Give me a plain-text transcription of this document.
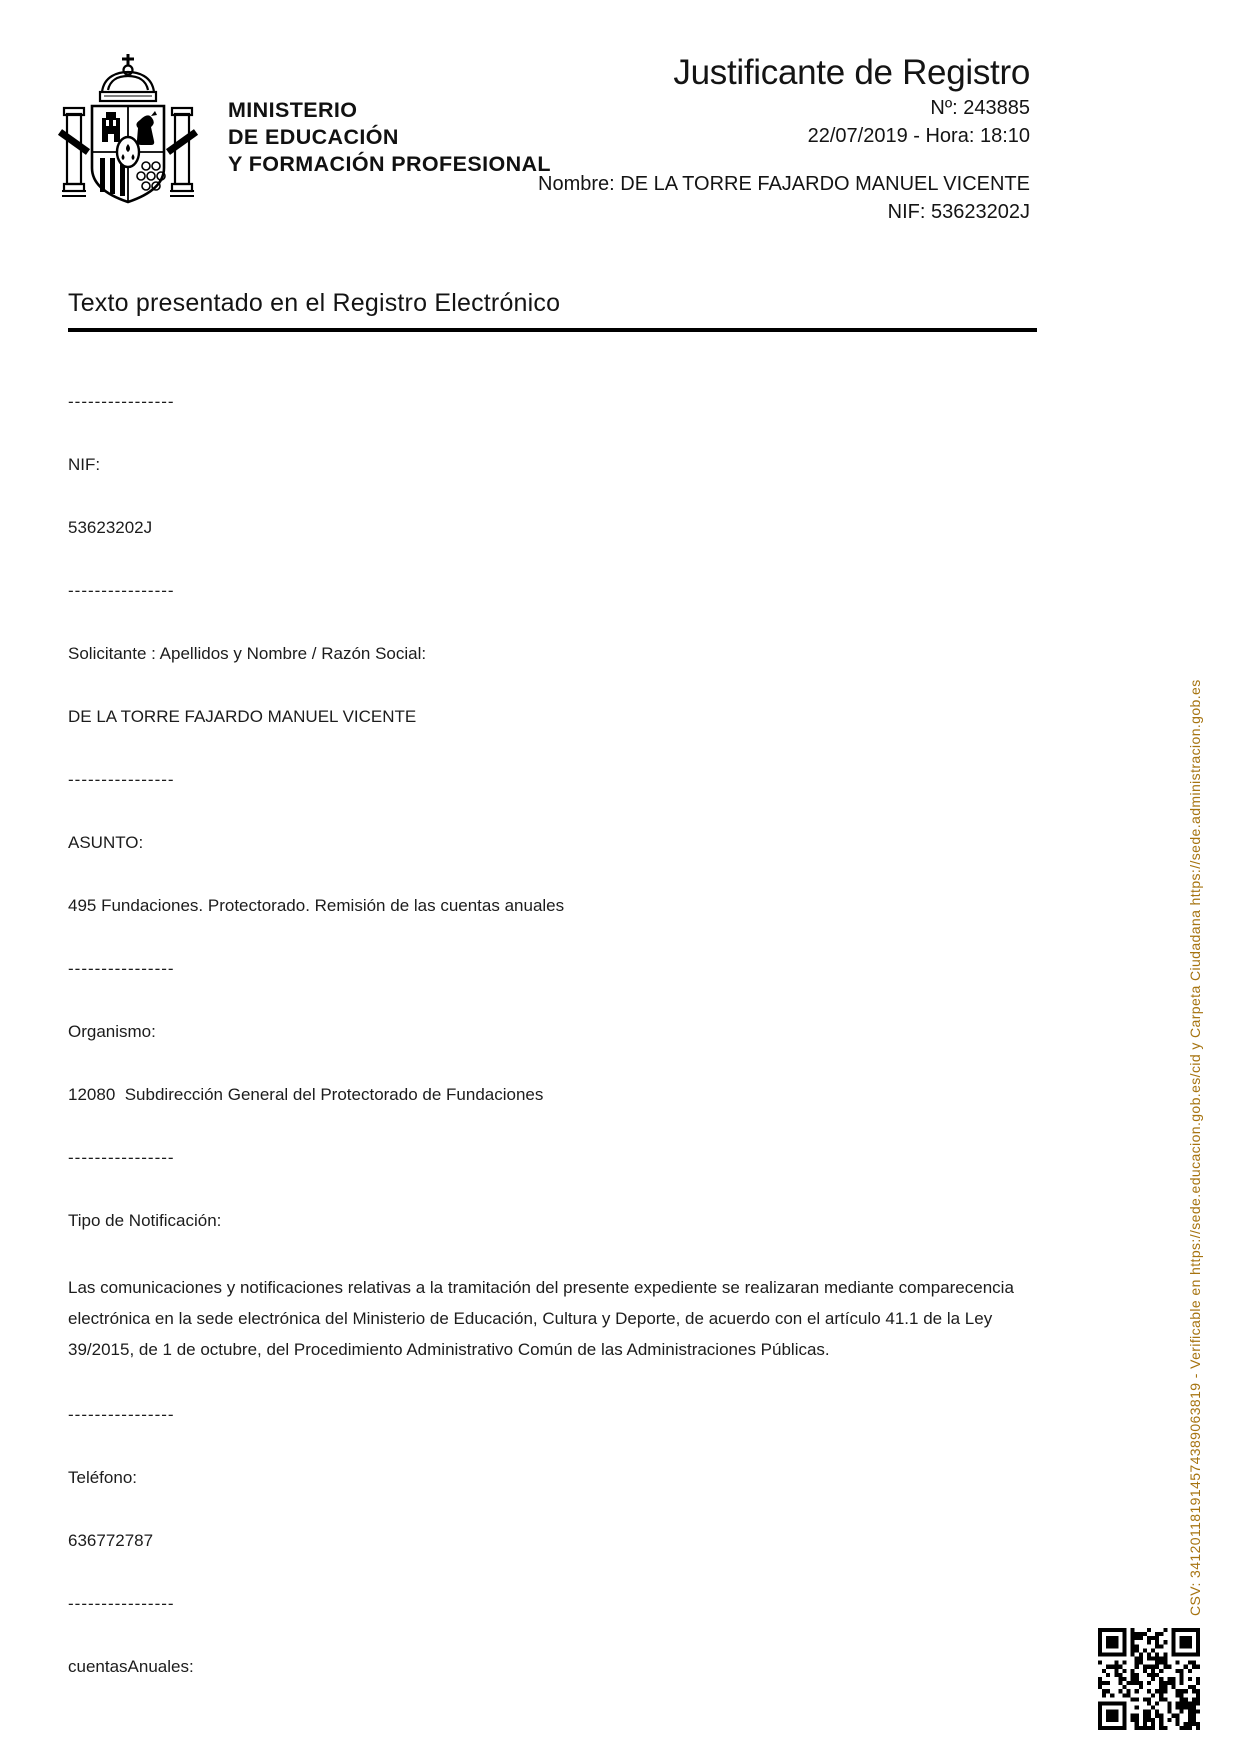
MINISTERIO
DE EDUCACIÓN
Y FORMACIÓN PROFESIONAL
Justificante de Registro
Nº: 243885
22/07/2019 - Hora: 18:10
Nombre: DE LA TORRE FAJARDO MANUEL VICENTE
NIF: 53623202J
Texto presentado en el Registro Electrónico
----------------
NIF:
53623202J
----------------
Solicitante : Apellidos y Nombre / Razón Social:
DE LA TORRE FAJARDO MANUEL VICENTE
----------------
ASUNTO:
495 Fundaciones. Protectorado. Remisión de las cuentas anuales
----------------
Organismo:
12080  Subdirección General del Protectorado de Fundaciones
----------------
Tipo de Notificación:
Las comunicaciones y notificaciones relativas a la tramitación del presente expediente se realizaran mediante comparecencia electrónica en la sede electrónica del Ministerio de Educación, Cultura y Deporte, de acuerdo con el artículo 41.1 de la Ley 39/2015, de 1 de octubre, del Procedimiento Administrativo Común de las Administraciones Públicas.
----------------
Teléfono:
636772787
----------------
cuentasAnuales:
CSV: 341201181914574389063819 - Verificable en https://sede.educacion.gob.es/cid y Carpeta Ciudadana https://sede.administracion.gob.es
